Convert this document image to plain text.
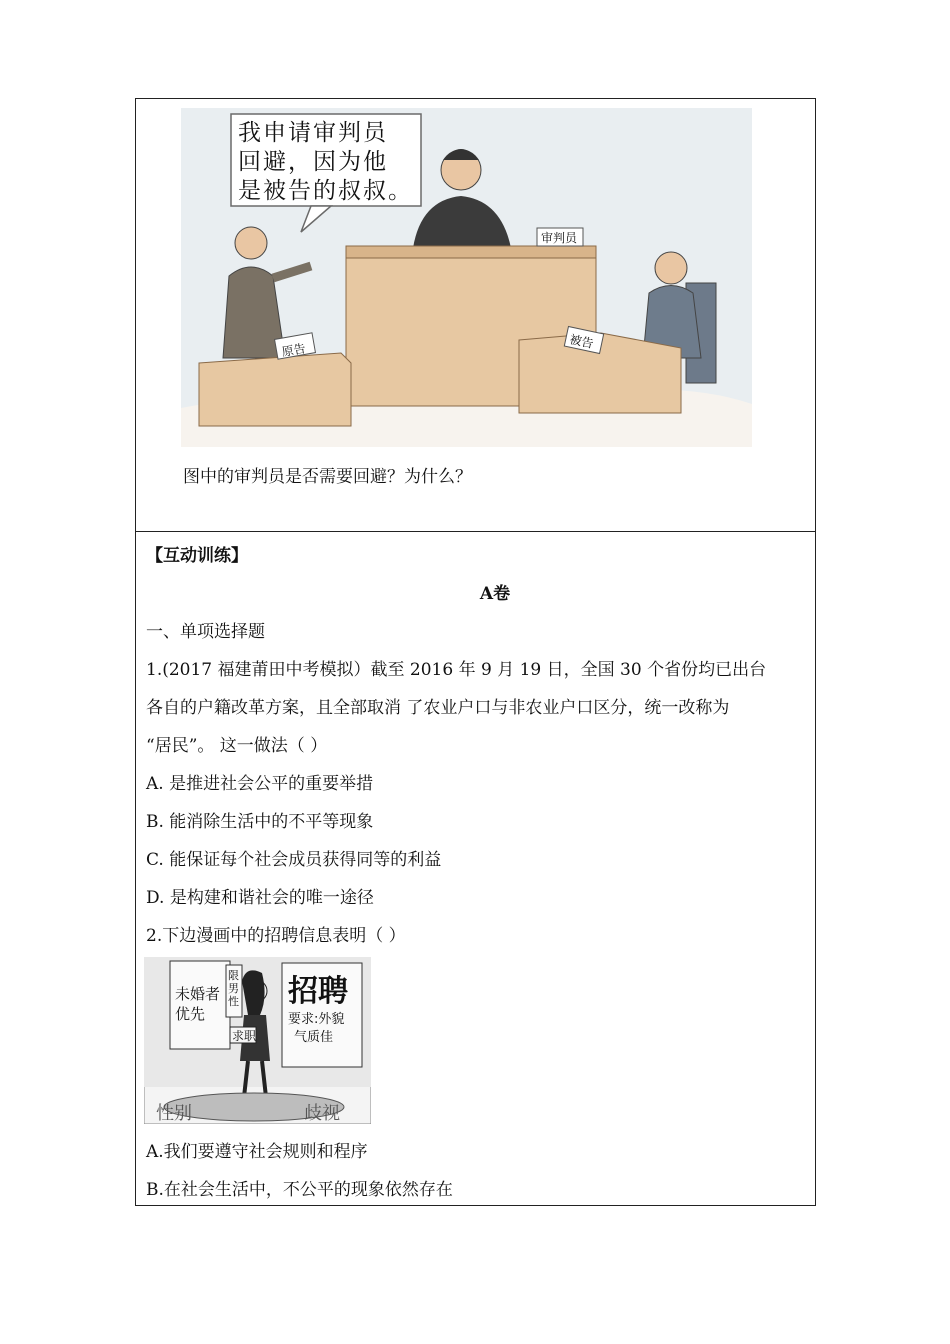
我申请审判员
回避，因为他
是被告的叔叔。
审判员
原告	被告
图中的审判员是否需要回避？为什么？
【互动训练】
A卷
一、单项选择题
1.(2017 福建莆田中考模拟）截至 2016 年 9 月 19 日，全国 30 个省份均已出台
各自的户籍改革方案，且全部取消 了农业户口与非农业户口区分，统一改称为
“居民”。 这一做法（ ）
A. 是推进社会公平的重要举措
B. 能消除生活中的不平等现象
C. 能保证每个社会成员获得同等的利益
D. 是构建和谐社会的唯一途径
2.下边漫画中的招聘信息表明（ ）
未婚者
优先
限
男
性 招聘
要求:外貌
气质佳
求职
性别	歧视
A.我们要遵守社会规则和程序
B.在社会生活中，不公平的现象依然存在
